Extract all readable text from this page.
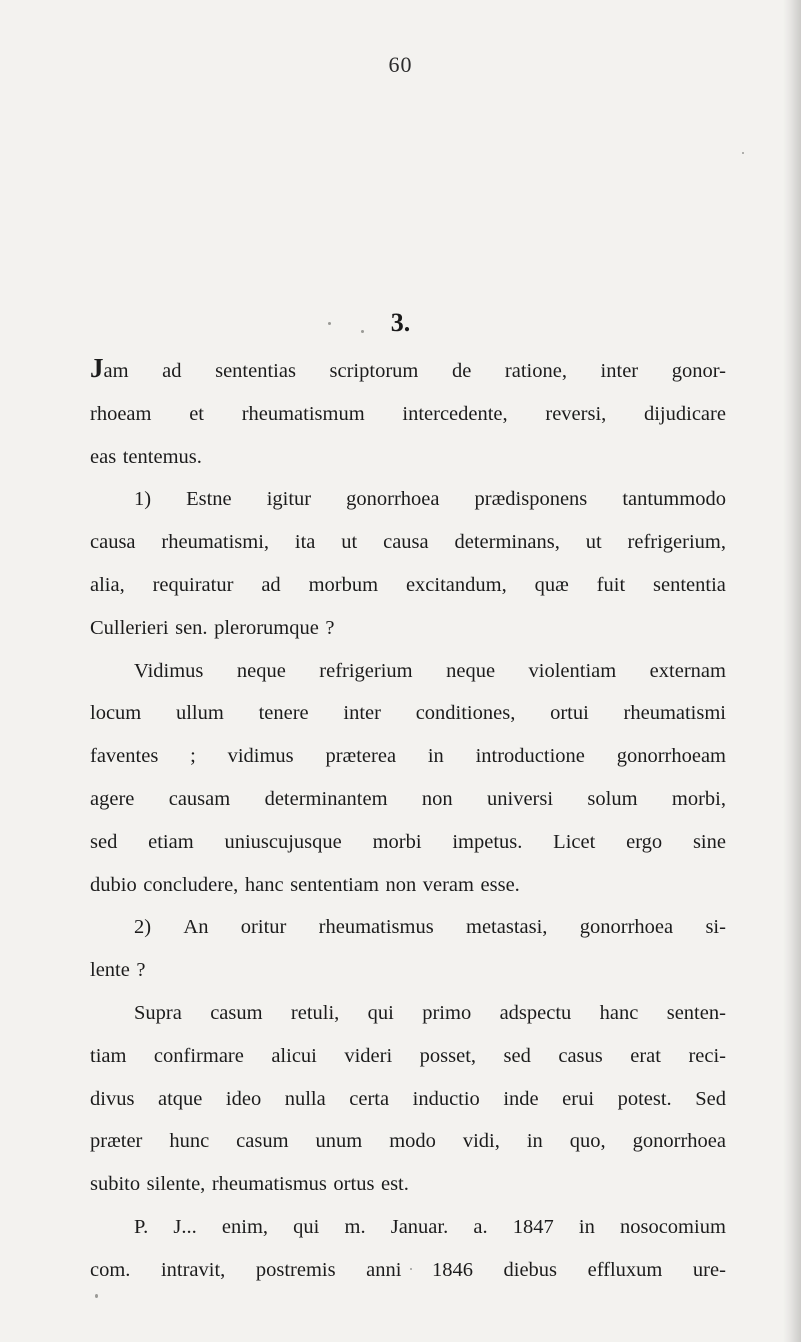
60
3.
Jam ad sententias scriptorum de ratione, inter gonor-
rhoeam et rheumatismum intercedente, reversi, dijudicare
eas tentemus.
1) Estne igitur gonorrhoea prædisponens tantummodo
causa rheumatismi, ita ut causa determinans, ut refrigerium,
alia, requiratur ad morbum excitandum, quæ fuit sententia
Cullerieri sen. plerorumque ?
Vidimus neque refrigerium neque violentiam externam
locum ullum tenere inter conditiones, ortui rheumatismi
faventes ; vidimus præterea in introductione gonorrhoeam
agere causam determinantem non universi solum morbi,
sed etiam uniuscujusque morbi impetus. Licet ergo sine
dubio concludere, hanc sententiam non veram esse.
2) An oritur rheumatismus metastasi, gonorrhoea si-
lente ?
Supra casum retuli, qui primo adspectu hanc senten-
tiam confirmare alicui videri posset, sed casus erat reci-
divus atque ideo nulla certa inductio inde erui potest. Sed
præter hunc casum unum modo vidi, in quo, gonorrhoea
subito silente, rheumatismus ortus est.
P. J... enim, qui m. Januar. a. 1847 in nosocomium
com. intravit, postremis anni 1846 diebus effluxum ure-
